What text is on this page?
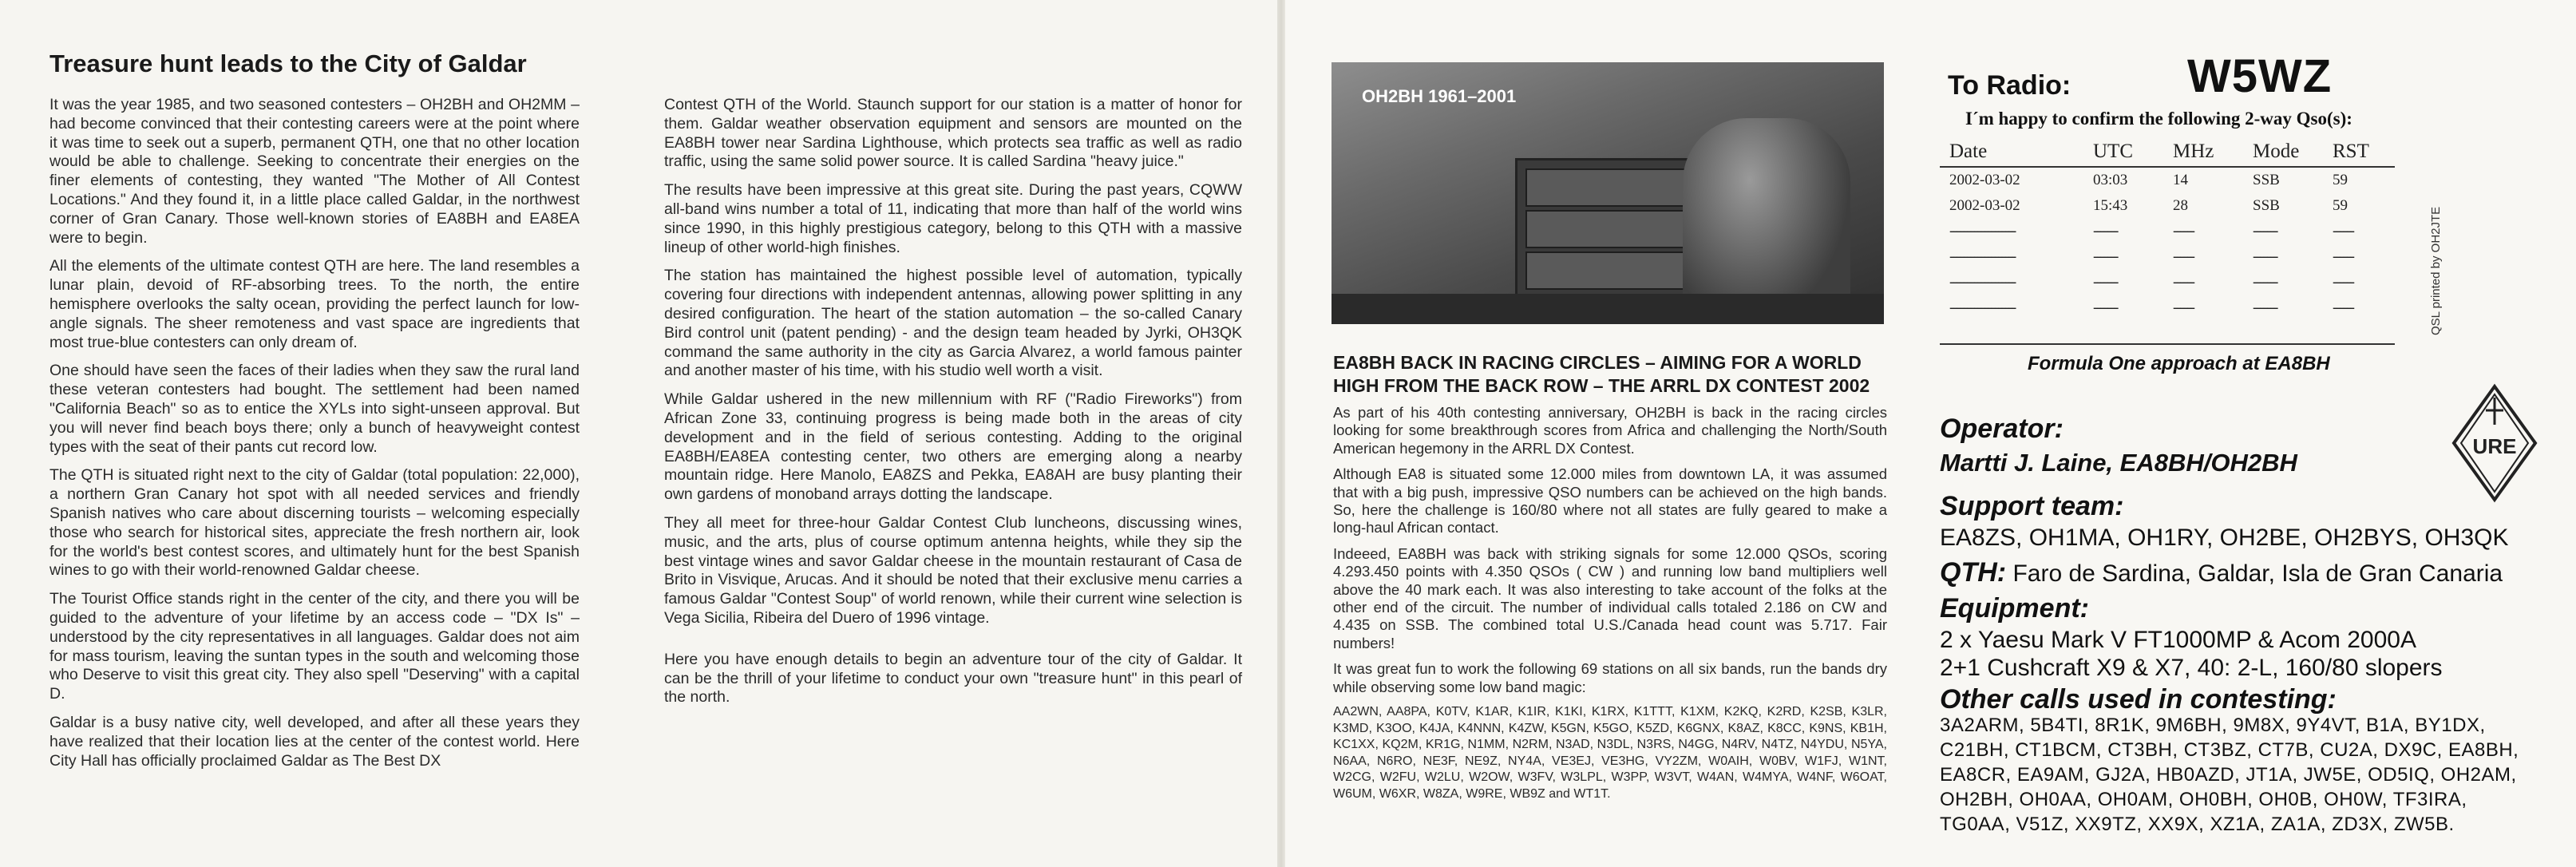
Treasure hunt leads to the City of Galdar

It was the year 1985, and two seasoned contesters – OH2BH and OH2MM – had become convinced that their contesting careers were at the point where it was time to seek out a superb, permanent QTH, one that no other location would be able to challenge. Seeking to concentrate their energies on the finer elements of contesting, they wanted "The Mother of All Contest Locations." And they found it, in a little place called Galdar, in the northwest corner of Gran Canary. Those well-known stories of EA8BH and EA8EA were to begin.

All the elements of the ultimate contest QTH are here. The land resembles a lunar plain, devoid of RF-absorbing trees. To the north, the entire hemisphere overlooks the salty ocean, providing the perfect launch for low-angle signals. The sheer remoteness and vast space are ingredients that most true-blue contesters can only dream of.

One should have seen the faces of their ladies when they saw the rural land these veteran contesters had bought. The settlement had been named "California Beach" so as to entice the XYLs into sight-unseen approval. But you will never find beach boys there; only a bunch of heavyweight contest types with the seat of their pants cut record low.

The QTH is situated right next to the city of Galdar (total population: 22,000), a northern Gran Canary hot spot with all needed services and friendly Spanish natives who care about discerning tourists – welcoming especially those who search for historical sites, appreciate the fresh northern air, look for the world's best contest scores, and ultimately hunt for the best Spanish wines to go with their world-renowned Galdar cheese.

The Tourist Office stands right in the center of the city, and there you will be guided to the adventure of your lifetime by an access code – "DX Is" – understood by the city representatives in all languages. Galdar does not aim for mass tourism, leaving the suntan types in the south and welcoming those who Deserve to visit this great city. They also spell "Deserving" with a capital D.

Galdar is a busy native city, well developed, and after all these years they have realized that their location lies at the center of the contest world. Here City Hall has officially proclaimed Galdar as The Best DX

Contest QTH of the World. Staunch support for our station is a matter of honor for them. Galdar weather observation equipment and sensors are mounted on the EA8BH tower near Sardina Lighthouse, which protects sea traffic as well as radio traffic, using the same solid power source. It is called Sardina "heavy juice."

The results have been impressive at this great site. During the past years, CQWW all-band wins number a total of 11, indicating that more than half of the world wins since 1990, in this highly prestigious category, belong to this QTH with a massive lineup of other world-high finishes.

The station has maintained the highest possible level of automation, typically covering four directions with independent antennas, allowing power splitting in any desired configuration. The heart of the station automation – the so-called Canary Bird control unit (patent pending) - and the design team headed by Jyrki, OH3QK command the same authority in the city as Garcia Alvarez, a world famous painter and another master of his time, with his studio well worth a visit.

While Galdar ushered in the new millennium with RF ("Radio Fireworks") from African Zone 33, continuing progress is being made both in the areas of city development and in the field of serious contesting. Adding to the original EA8BH/EA8EA contesting center, two others are emerging along a nearby mountain ridge. Here Manolo, EA8ZS and Pekka, EA8AH are busy planting their own gardens of monoband arrays dotting the landscape.

They all meet for three-hour Galdar Contest Club luncheons, discussing wines, music, and the arts, plus of course optimum antenna heights, while they sip the best vintage wines and savor Galdar cheese in the mountain restaurant of Casa de Brito in Visvique, Arucas. And it should be noted that their exclusive menu carries a famous Galdar "Contest Soup" of world renown, while their current wine selection is Vega Sicilia, Ribeira del Duero of 1996 vintage.

Here you have enough details to begin an adventure tour of the city of Galdar. It can be the thrill of your lifetime to conduct your own "treasure hunt" in this pearl of the north.

OH2BH 1961–2001
EA8BH BACK IN RACING CIRCLES – AIMING FOR A WORLD HIGH FROM THE BACK ROW – THE ARRL DX CONTEST 2002

As part of his 40th contesting anniversary, OH2BH is back in the racing circles looking for some breakthrough scores from Africa and challenging the North/South American hegemony in the ARRL DX Contest.

Although EA8 is situated some 12.000 miles from downtown LA, it was assumed that with a big push, impressive QSO numbers can be achieved on the high bands. So, here the challenge is 160/80 where not all states are fully geared to make a long-haul African contact.

Indeeed, EA8BH was back with striking signals for some 12.000 QSOs, scoring 4.293.450 points with 4.350 QSOs ( CW ) and running low band multipliers well above the 40 mark each. It was also interesting to take account of the folks at the other end of the circuit. The number of individual calls totaled 2.186 on CW and 4.435 on SSB. The combined total U.S./Canada head count was 5.717. Fair numbers!

It was great fun to work the following 69 stations on all six bands, run the bands dry while observing some low band magic:

AA2WN, AA8PA, K0TV, K1AR, K1IR, K1KI, K1RX, K1TTT, K1XM, K2KQ, K2RD, K2SB, K3LR, K3MD, K3OO, K4JA, K4NNN, K4ZW, K5GN, K5GO, K5ZD, K6GNX, K8AZ, K8CC, K9NS, KB1H, KC1XX, KQ2M, KR1G, N1MM, N2RM, N3AD, N3DL, N3RS, N4GG, N4RV, N4TZ, N4YDU, N5YA, N6AA, N6RO, NE3F, NE9Z, NY4A, VE3EJ, VE3HG, VY2ZM, W0AIH, W0BV, W1FJ, W1NT, W2CG, W2FU, W2LU, W2OW, W3FV, W3LPL, W3PP, W3VT, W4AN, W4MYA, W4NF, W6OAT, W6UM, W6XR, W8ZA, W9RE, WB9Z and WT1T.

To Radio:	W5WZ
I´m happy to confirm the following 2-way Qso(s):
Date	UTC	MHz	Mode	RST
2002-03-02	03:03	14	SSB	59
2002-03-02	15:43	28	SSB	59
-------------------	-------	------	-------	------
-------------------	-------	------	-------	------
-------------------	-------	------	-------	------
-------------------	-------	------	-------	------	QSL printed by OH2JTE
Formula One approach at EA8BH
Operator:
Martti J. Laine, EA8BH/OH2BH
Support team:
EA8ZS, OH1MA, OH1RY, OH2BE, OH2BYS, OH3QK
QTH: Faro de Sardina, Galdar, Isla de Gran Canaria
Equipment:
2 x Yaesu Mark V FT1000MP & Acom 2000A
2+1 Cushcraft X9 & X7, 40: 2-L, 160/80 slopers
Other calls used in contesting:
3A2ARM, 5B4TI, 8R1K, 9M6BH, 9M8X, 9Y4VT, B1A, BY1DX, C21BH, CT1BCM, CT3BH, CT3BZ, CT7B, CU2A, DX9C, EA8BH, EA8CR, EA9AM, GJ2A, HB0AZD, JT1A, JW5E, OD5IQ, OH2AM, OH2BH, OH0AA, OH0AM, OH0BH, OH0B, OH0W, TF3IRA, TG0AA, V51Z, XX9TZ, XX9X, XZ1A, ZA1A, ZD3X, ZW5B.
URE
